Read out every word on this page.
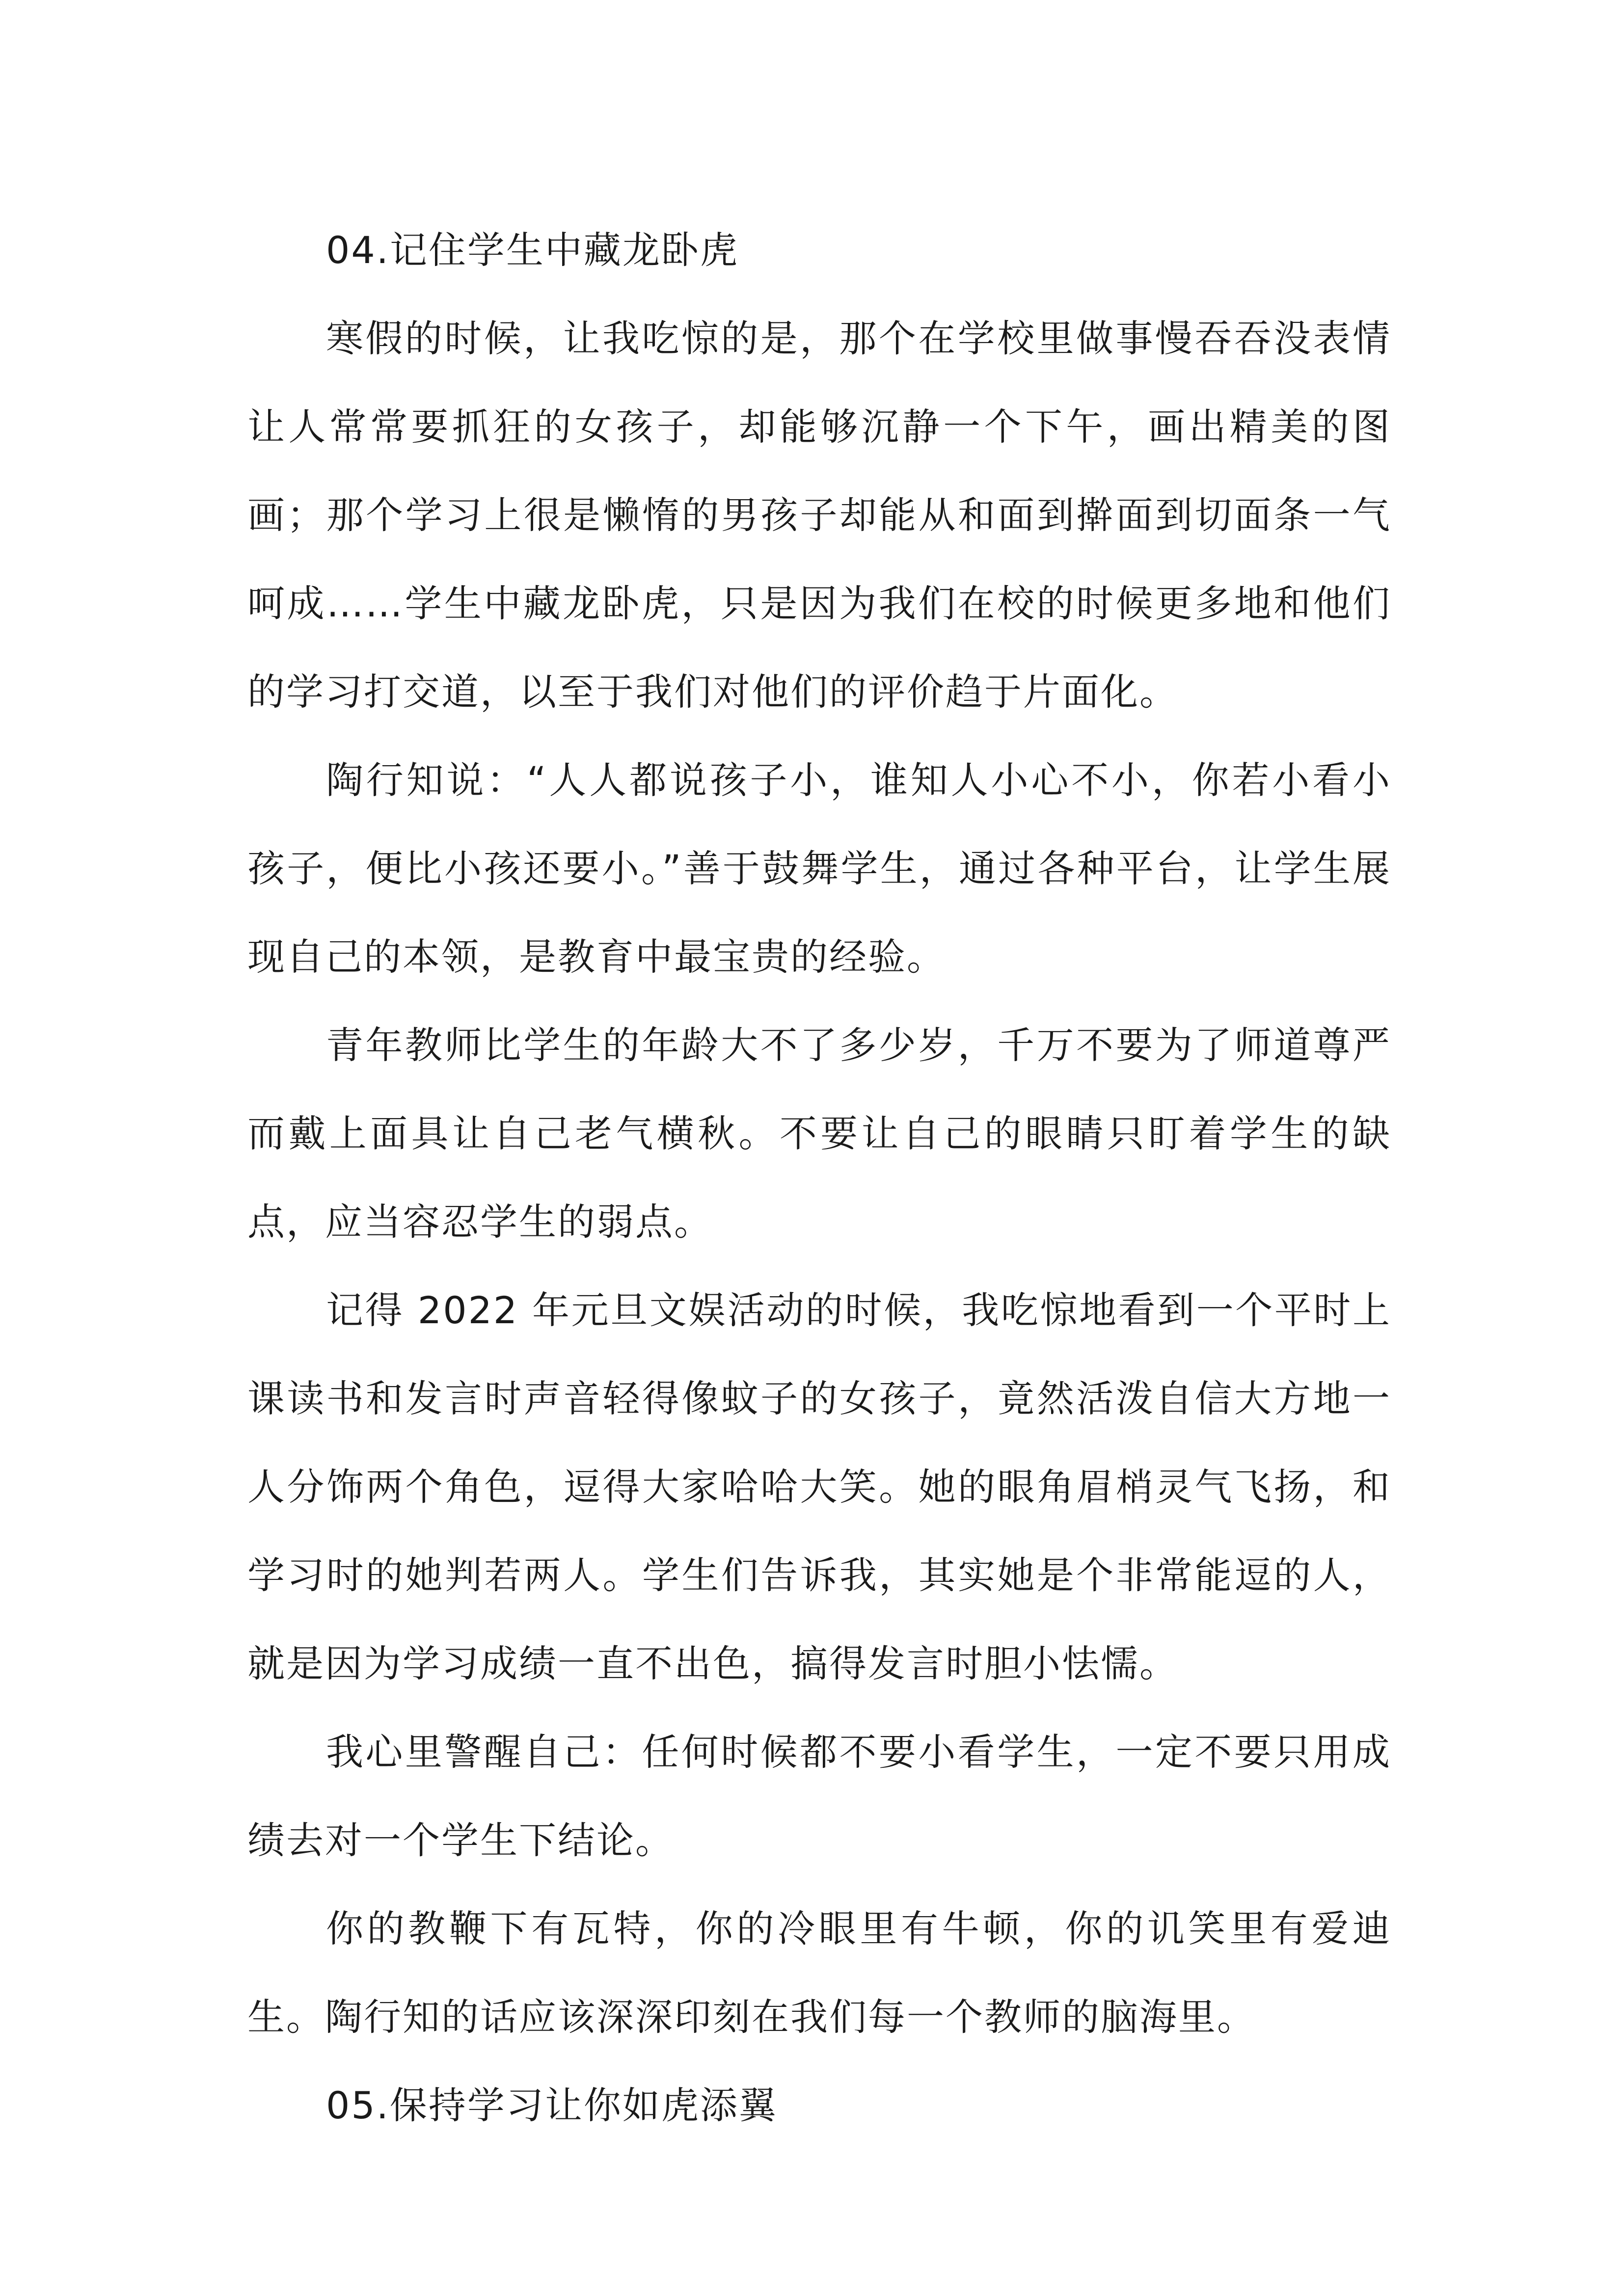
04.记住学生中藏龙卧虎

寒假的时候，让我吃惊的是，那个在学校里做事慢吞吞没表情让人常常要抓狂的女孩子，却能够沉静一个下午，画出精美的图画；那个学习上很是懒惰的男孩子却能从和面到擀面到切面条一气呵成……学生中藏龙卧虎，只是因为我们在校的时候更多地和他们的学习打交道，以至于我们对他们的评价趋于片面化。

陶行知说：“人人都说孩子小，谁知人小心不小，你若小看小孩子，便比小孩还要小。”善于鼓舞学生，通过各种平台，让学生展现自己的本领，是教育中最宝贵的经验。

青年教师比学生的年龄大不了多少岁，千万不要为了师道尊严而戴上面具让自己老气横秋。不要让自己的眼睛只盯着学生的缺点，应当容忍学生的弱点。

记得 2022 年元旦文娱活动的时候，我吃惊地看到一个平时上课读书和发言时声音轻得像蚊子的女孩子，竟然活泼自信大方地一人分饰两个角色，逗得大家哈哈大笑。她的眼角眉梢灵气飞扬，和学习时的她判若两人。学生们告诉我，其实她是个非常能逗的人，就是因为学习成绩一直不出色，搞得发言时胆小怯懦。

我心里警醒自己：任何时候都不要小看学生，一定不要只用成绩去对一个学生下结论。

你的教鞭下有瓦特，你的冷眼里有牛顿，你的讥笑里有爱迪生。陶行知的话应该深深印刻在我们每一个教师的脑海里。

05.保持学习让你如虎添翼
